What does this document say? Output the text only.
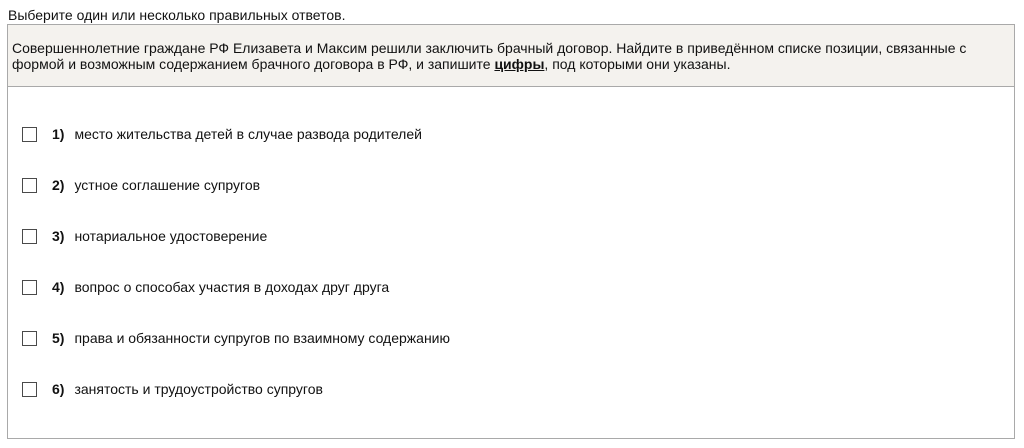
Выберите один или несколько правильных ответов.
Совершеннолетние граждане РФ Елизавета и Максим решили заключить брачный договор. Найдите в приведённом списке позиции, связанные с формой и возможным содержанием брачного договора в РФ, и запишите цифры, под которыми они указаны.
1) место жительства детей в случае развода родителей
2) устное соглашение супругов
3) нотариальное удостоверение
4) вопрос о способах участия в доходах друг друга
5) права и обязанности супругов по взаимному содержанию
6) занятость и трудоустройство супругов
